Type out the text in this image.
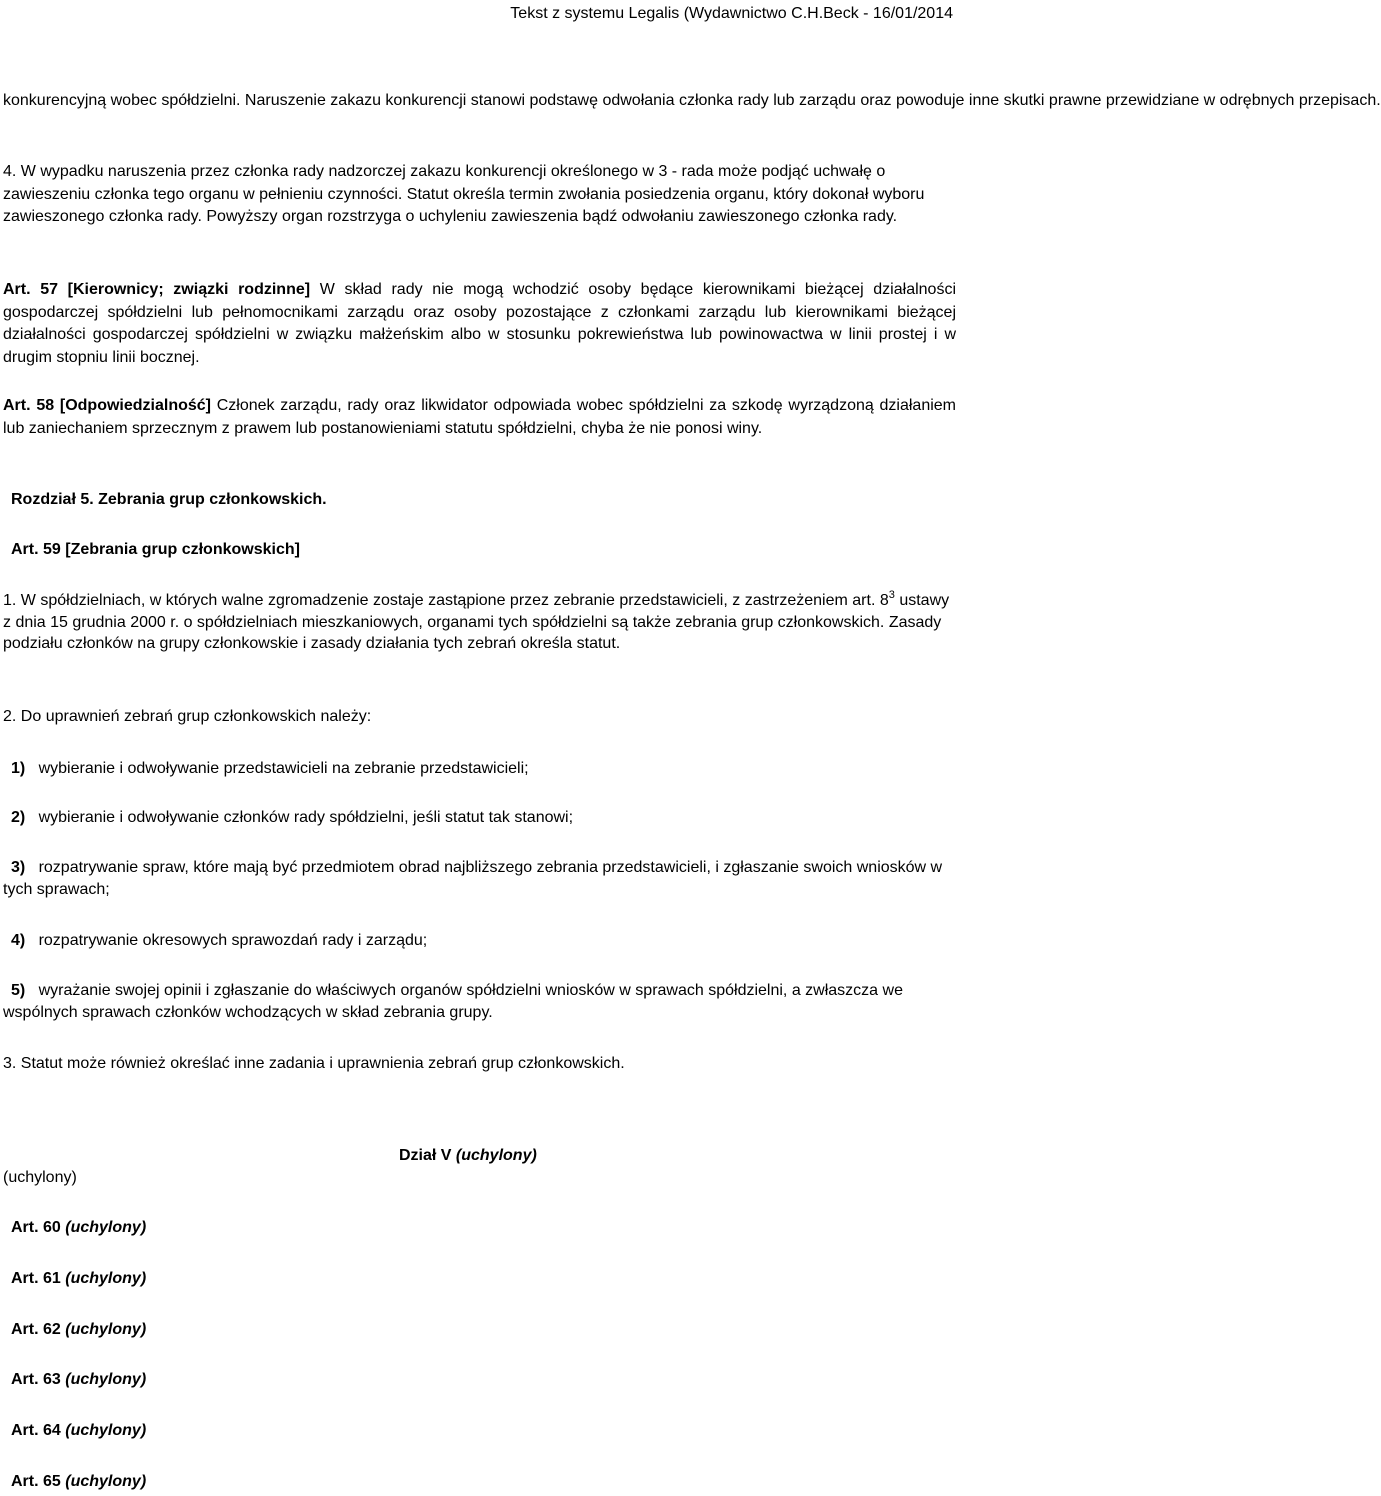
Tekst z systemu Legalis (Wydawnictwo C.H.Beck - 16/01/2014

konkurencyjną wobec spółdzielni. Naruszenie zakazu konkurencji stanowi podstawę odwołania członka rady lub zarządu oraz powoduje inne skutki prawne przewidziane w odrębnych przepisach.

4. W wypadku naruszenia przez członka rady nadzorczej zakazu konkurencji określonego w 3 - rada może podjąć uchwałę o zawieszeniu członka tego organu w pełnieniu czynności. Statut określa termin zwołania posiedzenia organu, który dokonał wyboru zawieszonego członka rady. Powyższy organ rozstrzyga o uchyleniu zawieszenia bądź odwołaniu zawieszonego członka rady.

Art. 57 [Kierownicy; związki rodzinne] W skład rady nie mogą wchodzić osoby będące kierownikami bieżącej działalności gospodarczej spółdzielni lub pełnomocnikami zarządu oraz osoby pozostające z członkami zarządu lub kierownikami bieżącej działalności gospodarczej spółdzielni w związku małżeńskim albo w stosunku pokrewieństwa lub powinowactwa w linii prostej i w drugim stopniu linii bocznej.

Art. 58 [Odpowiedzialność] Członek zarządu, rady oraz likwidator odpowiada wobec spółdzielni za szkodę wyrządzoną działaniem lub zaniechaniem sprzecznym z prawem lub postanowieniami statutu spółdzielni, chyba że nie ponosi winy.

Rozdział 5. Zebrania grup członkowskich.
Art. 59 [Zebrania grup członkowskich]

1. W spółdzielniach, w których walne zgromadzenie zostaje zastąpione przez zebranie przedstawicieli, z zastrzeżeniem art. $8^3$ ustawy z dnia 15 grudnia 2000 r. o spółdzielniach mieszkaniowych, organami tych spółdzielni są także zebrania grup członkowskich. Zasady podziału członków na grupy członkowskie i zasady działania tych zebrań określa statut.

2. Do uprawnień zebrań grup członkowskich należy:
1) wybieranie i odwoływanie przedstawicieli na zebranie przedstawicieli;
2) wybieranie i odwoływanie członków rady spółdzielni, jeśli statut tak stanowi;

3) rozpatrywanie spraw, które mają być przedmiotem obrad najbliższego zebrania przedstawicieli, i zgłaszanie swoich wniosków w tych sprawach;

4) rozpatrywanie okresowych sprawozdań rady i zarządu;

5) wyrażanie swojej opinii i zgłaszanie do właściwych organów spółdzielni wniosków w sprawach spółdzielni, a zwłaszcza we wspólnych sprawach członków wchodzących w skład zebrania grupy.

3. Statut może również określać inne zadania i uprawnienia zebrań grup członkowskich.
Dział V (uchylony)
(uchylony)
Art. 60 (uchylony)
Art. 61 (uchylony)
Art. 62 (uchylony)
Art. 63 (uchylony)
Art. 64 (uchylony)
Art. 65 (uchylony)
